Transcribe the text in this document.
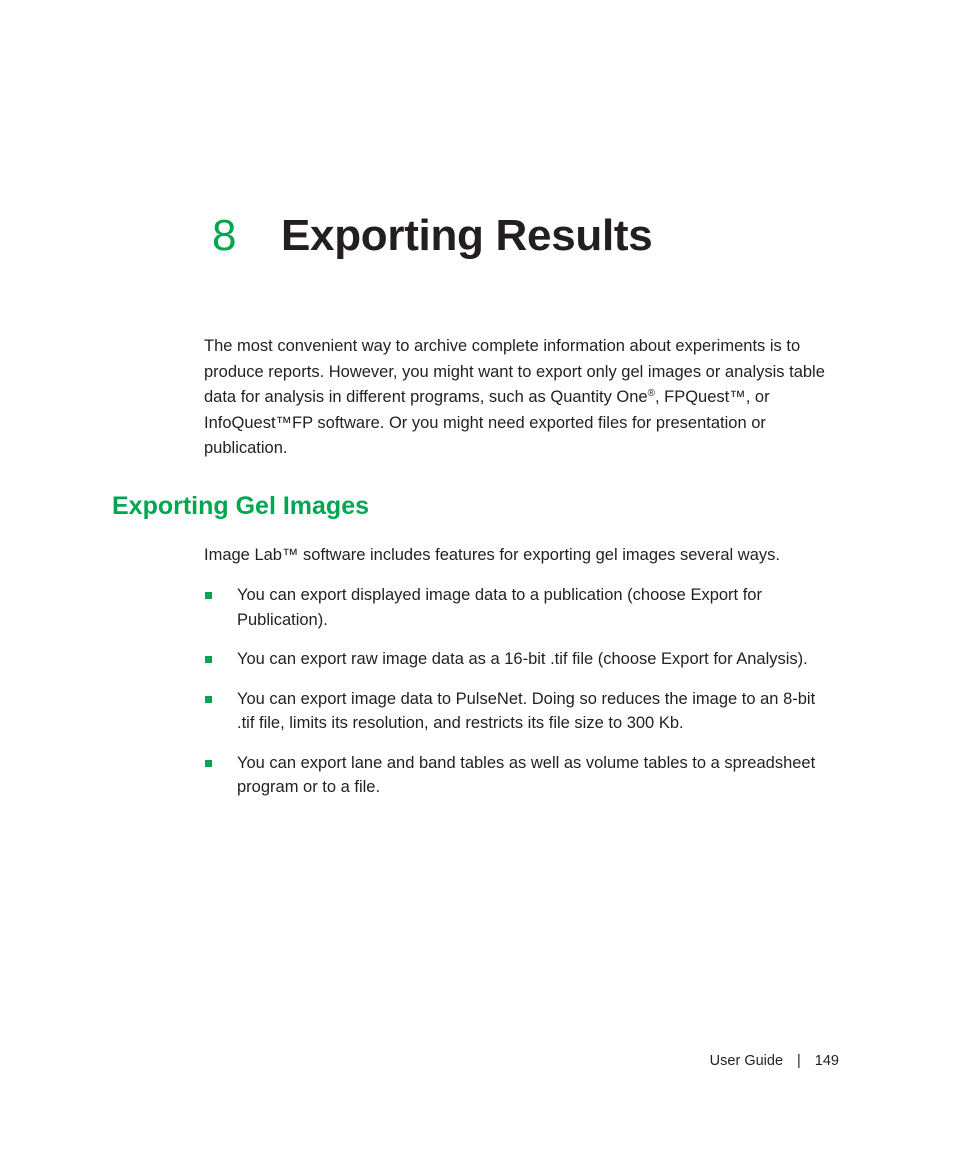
8 Exporting Results

The most convenient way to archive complete information about experiments is to produce reports. However, you might want to export only gel images or analysis table data for analysis in different programs, such as Quantity One®, FPQuest™, or InfoQuest™FP software. Or you might need exported files for presentation or publication.

Exporting Gel Images

Image Lab™ software includes features for exporting gel images several ways.

You can export displayed image data to a publication (choose Export for Publication).
You can export raw image data as a 16-bit .tif file (choose Export for Analysis).
You can export image data to PulseNet. Doing so reduces the image to an 8-bit .tif file, limits its resolution, and restricts its file size to 300 Kb.
You can export lane and band tables as well as volume tables to a spreadsheet program or to a file.
User Guide | 149
